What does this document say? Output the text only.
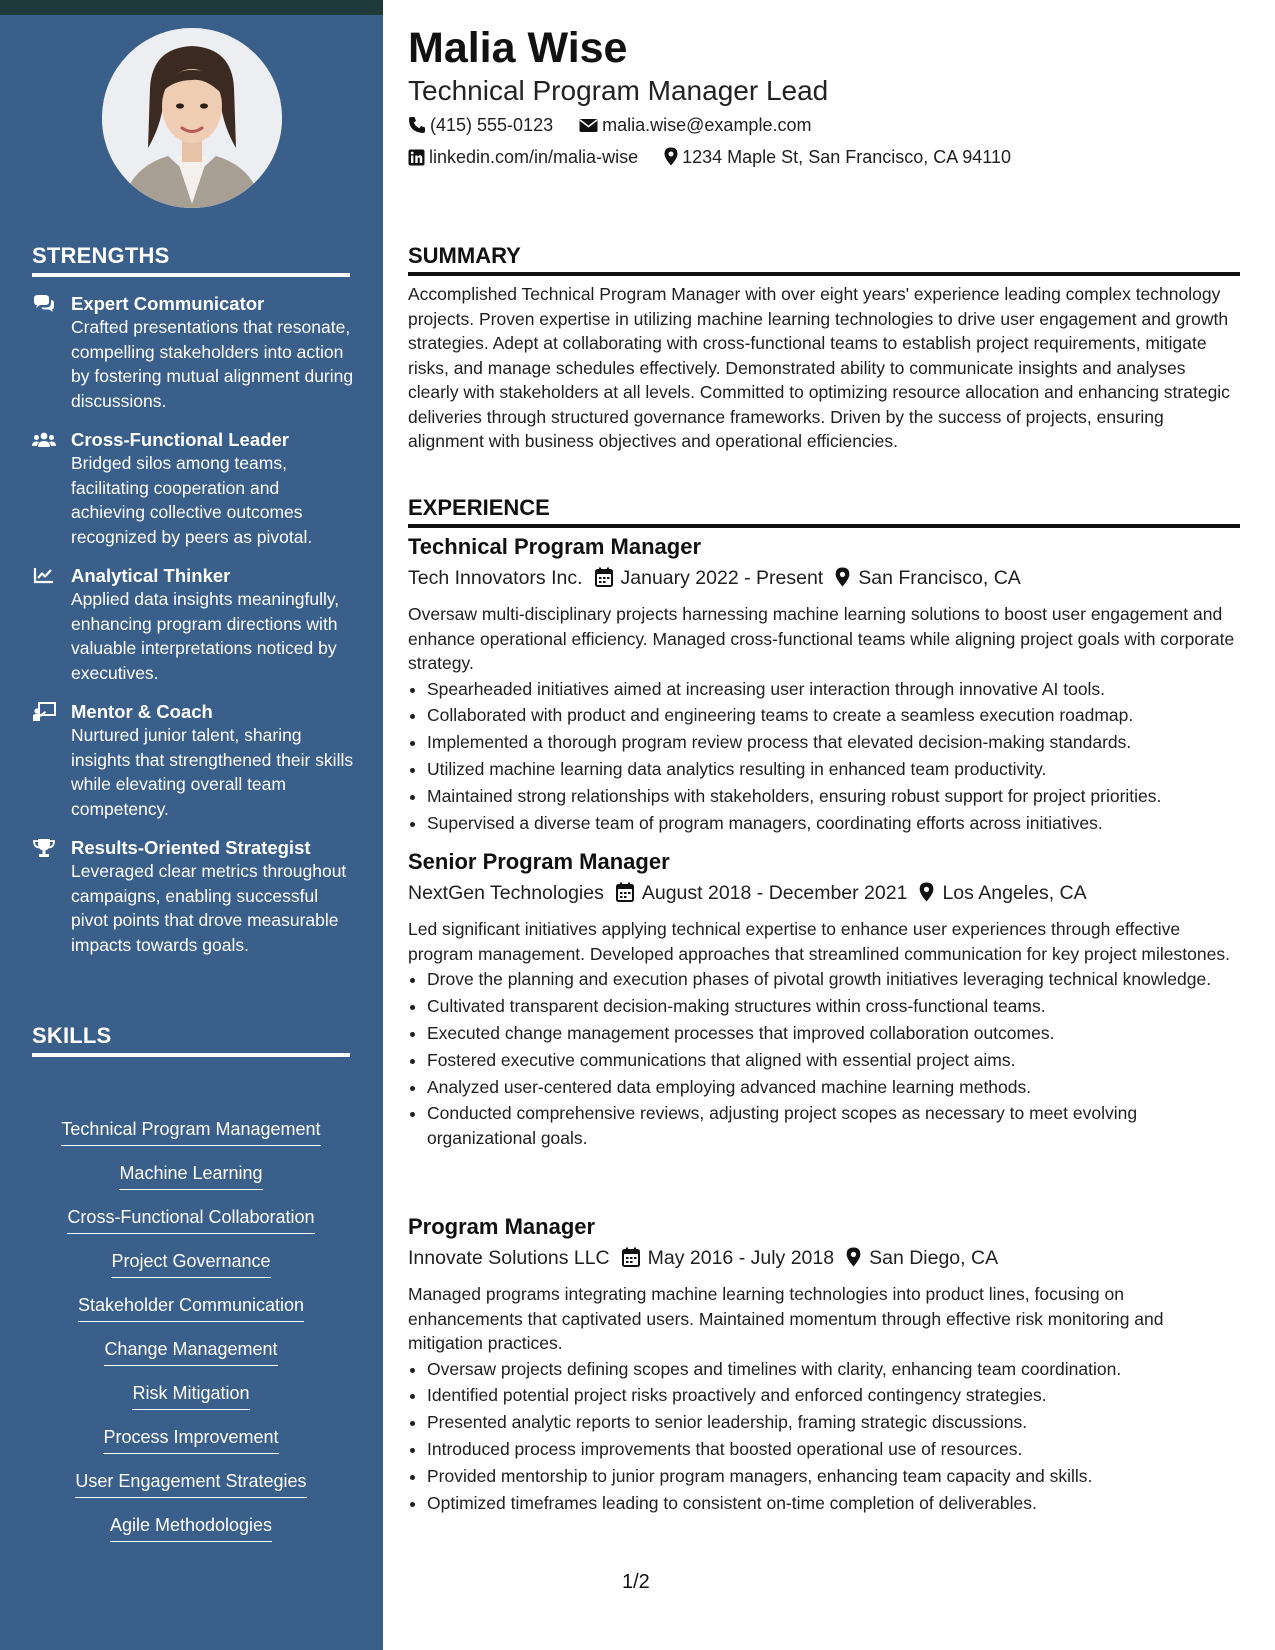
STRENGTHS
Expert Communicator
Crafted presentations that resonate, compelling stakeholders into action by fostering mutual alignment during discussions.
Cross-Functional Leader
Bridged silos among teams, facilitating cooperation and achieving collective outcomes recognized by peers as pivotal.
Analytical Thinker
Applied data insights meaningfully, enhancing program directions with valuable interpretations noticed by executives.
Mentor & Coach
Nurtured junior talent, sharing insights that strengthened their skills while elevating overall team competency.
Results-Oriented Strategist
Leveraged clear metrics throughout campaigns, enabling successful pivot points that drove measurable impacts towards goals.
SKILLS
Technical Program Management
Machine Learning
Cross-Functional Collaboration
Project Governance
Stakeholder Communication
Change Management
Risk Mitigation
Process Improvement
User Engagement Strategies
Agile Methodologies
Malia Wise
Technical Program Manager Lead
(415) 555-0123	malia.wise@example.com
linkedin.com/in/malia-wise 1234 Maple St, San Francisco, CA 94110
SUMMARY
Accomplished Technical Program Manager with over eight years' experience leading complex technology projects. Proven expertise in utilizing machine learning technologies to drive user engagement and growth strategies. Adept at collaborating with cross-functional teams to establish project requirements, mitigate risks, and manage schedules effectively. Demonstrated ability to communicate insights and analyses clearly with stakeholders at all levels. Committed to optimizing resource allocation and enhancing strategic deliveries through structured governance frameworks. Driven by the success of projects, ensuring alignment with business objectives and operational efficiencies.
EXPERIENCE
Technical Program Manager
Tech Innovators Inc. January 2022 - Present San Francisco, CA
Oversaw multi-disciplinary projects harnessing machine learning solutions to boost user engagement and enhance operational efficiency. Managed cross-functional teams while aligning project goals with corporate strategy.
• Spearheaded initiatives aimed at increasing user interaction through innovative AI tools.
• Collaborated with product and engineering teams to create a seamless execution roadmap.
• Implemented a thorough program review process that elevated decision-making standards.
• Utilized machine learning data analytics resulting in enhanced team productivity.
• Maintained strong relationships with stakeholders, ensuring robust support for project priorities.
• Supervised a diverse team of program managers, coordinating efforts across initiatives.
Senior Program Manager
NextGen Technologies August 2018 - December 2021 Los Angeles, CA
Led significant initiatives applying technical expertise to enhance user experiences through effective program management. Developed approaches that streamlined communication for key project milestones.
• Drove the planning and execution phases of pivotal growth initiatives leveraging technical knowledge.
• Cultivated transparent decision-making structures within cross-functional teams.
• Executed change management processes that improved collaboration outcomes.
• Fostered executive communications that aligned with essential project aims.
• Analyzed user-centered data employing advanced machine learning methods.
• Conducted comprehensive reviews, adjusting project scopes as necessary to meet evolving organizational goals.
Program Manager
Innovate Solutions LLC May 2016 - July 2018 San Diego, CA
Managed programs integrating machine learning technologies into product lines, focusing on enhancements that captivated users. Maintained momentum through effective risk monitoring and mitigation practices.
• Oversaw projects defining scopes and timelines with clarity, enhancing team coordination.
• Identified potential project risks proactively and enforced contingency strategies.
• Presented analytic reports to senior leadership, framing strategic discussions.
• Introduced process improvements that boosted operational use of resources.
• Provided mentorship to junior program managers, enhancing team capacity and skills.
• Optimized timeframes leading to consistent on-time completion of deliverables.
1/2
